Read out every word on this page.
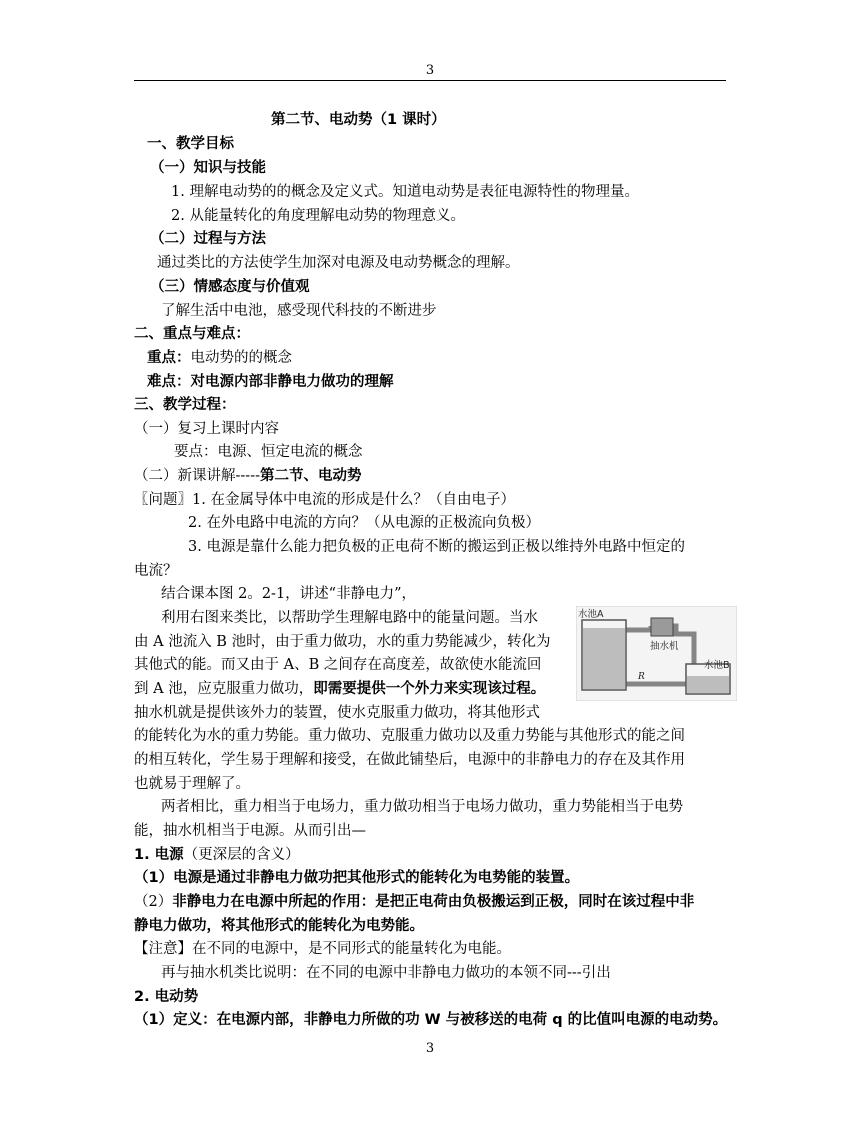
3
第二节、电动势（1 课时）
一、教学目标
（一）知识与技能
1. 理解电动势的的概念及定义式。知道电动势是表征电源特性的物理量。
2. 从能量转化的角度理解电动势的物理意义。
（二）过程与方法
通过类比的方法使学生加深对电源及电动势概念的理解。
（三）情感态度与价值观
了解生活中电池，感受现代科技的不断进步
二、重点与难点：
重点：电动势的的概念
难点：对电源内部非静电力做功的理解
三、教学过程：
（一）复习上课时内容
要点：电源、恒定电流的概念
（二）新课讲解-----第二节、电动势
〖问题〗1. 在金属导体中电流的形成是什么？（自由电子）
2. 在外电路中电流的方向？（从电源的正极流向负极）
3. 电源是靠什么能力把负极的正电荷不断的搬运到正极以维持外电路中恒定的
电流？
结合课本图 2。2-1，讲述“非静电力”，
利用右图来类比，以帮助学生理解电路中的能量问题。当水
由 A 池流入 B 池时，由于重力做功，水的重力势能减少，转化为
其他式的能。而又由于 A、B 之间存在高度差，故欲使水能流回
到 A 池，应克服重力做功，即需要提供一个外力来实现该过程。
抽水机就是提供该外力的装置，使水克服重力做功，将其他形式
的能转化为水的重力势能。重力做功、克服重力做功以及重力势能与其他形式的能之间
的相互转化，学生易于理解和接受，在做此铺垫后，电源中的非静电力的存在及其作用
也就易于理解了。
两者相比，重力相当于电场力，重力做功相当于电场力做功，重力势能相当于电势
能，抽水机相当于电源。从而引出—
1. 电源（更深层的含义）
（1）电源是通过非静电力做功把其他形式的能转化为电势能的装置。
（2）非静电力在电源中所起的作用：是把正电荷由负极搬运到正极，同时在该过程中非
静电力做功，将其他形式的能转化为电势能。
【注意】在不同的电源中，是不同形式的能量转化为电能。
再与抽水机类比说明：在不同的电源中非静电力做功的本领不同---引出
2. 电动势
（1）定义：在电源内部，非静电力所做的功 W 与被移送的电荷 q 的比值叫电源的电动势。
3
水池A
抽水机
水池B
R
